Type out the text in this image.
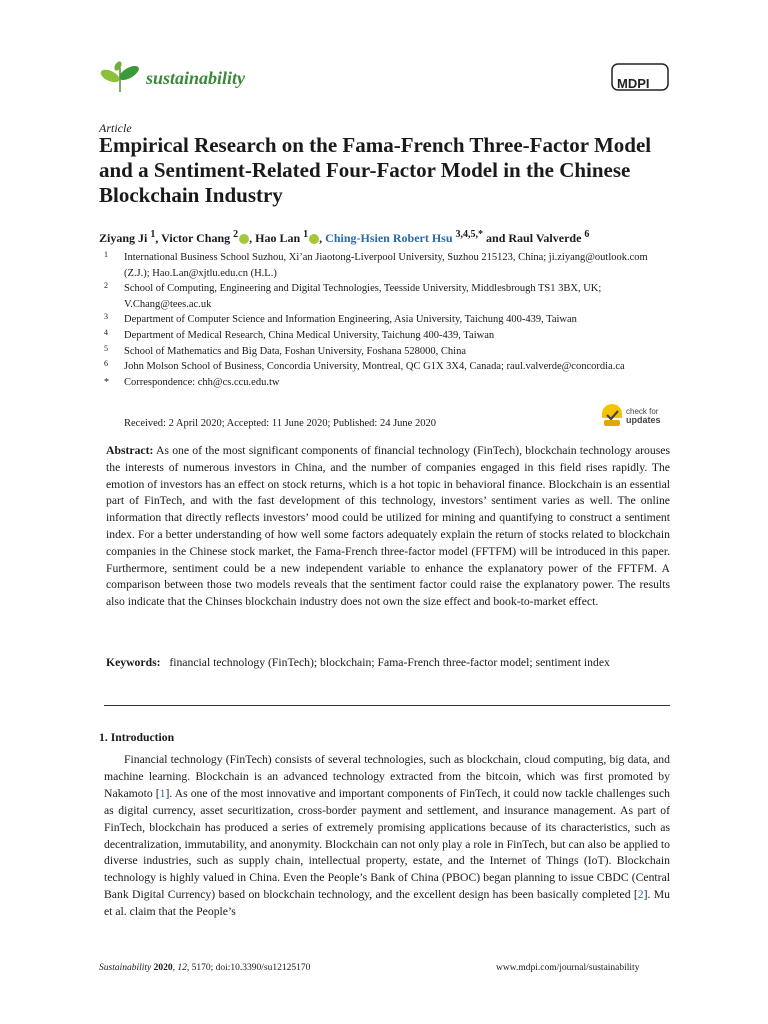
sustainability	MDPI
Article
Empirical Research on the Fama-French Three-Factor Model and a Sentiment-Related Four-Factor Model in the Chinese Blockchain Industry
Ziyang Ji $^1$, Victor Chang $^2$ , Hao Lan $^1$ , Ching-Hsien Robert Hsu $^{3,4,5,*}$ and Raul Valverde $^6$
1 International Business School Suzhou, Xi’an Jiaotong-Liverpool University, Suzhou 215123, China; ji.ziyang@outlook.com (Z.J.); Hao.Lan@xjtlu.edu.cn (H.L.)
2 School of Computing, Engineering and Digital Technologies, Teesside University, Middlesbrough TS1 3BX, UK; V.Chang@tees.ac.uk
3 Department of Computer Science and Information Engineering, Asia University, Taichung 400-439, Taiwan
4 Department of Medical Research, China Medical University, Taichung 400-439, Taiwan
5 School of Mathematics and Big Data, Foshan University, Foshana 528000, China
6 John Molson School of Business, Concordia University, Montreal, QC G1X 3X4, Canada; raul.valverde@concordia.ca
* Correspondence: chh@cs.ccu.edu.tw
Received: 2 April 2020; Accepted: 11 June 2020; Published: 24 June 2020
check for
updates
Abstract: As one of the most significant components of financial technology (FinTech), blockchain technology arouses the interests of numerous investors in China, and the number of companies engaged in this field rises rapidly. The emotion of investors has an effect on stock returns, which is a hot topic in behavioral finance. Blockchain is an essential part of FinTech, and with the fast development of this technology, investors’ sentiment varies as well. The online information that directly reflects investors’ mood could be utilized for mining and quantifying to construct a sentiment index. For a better understanding of how well some factors adequately explain the return of stocks related to blockchain companies in the Chinese stock market, the Fama-French three-factor model (FFTFM) will be introduced in this paper. Furthermore, sentiment could be a new independent variable to enhance the explanatory power of the FFTFM. A comparison between those two models reveals that the sentiment factor could raise the explanatory power. The results also indicate that the Chinses blockchain industry does not own the size effect and book-to-market effect.
Keywords: financial technology (FinTech); blockchain; Fama-French three-factor model; sentiment index
1. Introduction
Financial technology (FinTech) consists of several technologies, such as blockchain, cloud computing, big data, and machine learning. Blockchain is an advanced technology extracted from the bitcoin, which was first promoted by Nakamoto [1]. As one of the most innovative and important components of FinTech, it could now tackle challenges such as digital currency, asset securitization, cross-border payment and settlement, and insurance management. As part of FinTech, blockchain has produced a series of extremely promising applications because of its characteristics, such as decentralization, immutability, and anonymity. Blockchain can not only play a role in FinTech, but can also be applied to diverse industries, such as supply chain, intellectual property, estate, and the Internet of Things (IoT). Blockchain technology is highly valued in China. Even the People’s Bank of China (PBOC) began planning to issue CBDC (Central Bank Digital Currency) based on blockchain technology, and the excellent design has been basically completed [2]. Mu et al. claim that the People’s
Sustainability 2020, 12, 5170; doi:10.3390/su12125170	www.mdpi.com/journal/sustainability
